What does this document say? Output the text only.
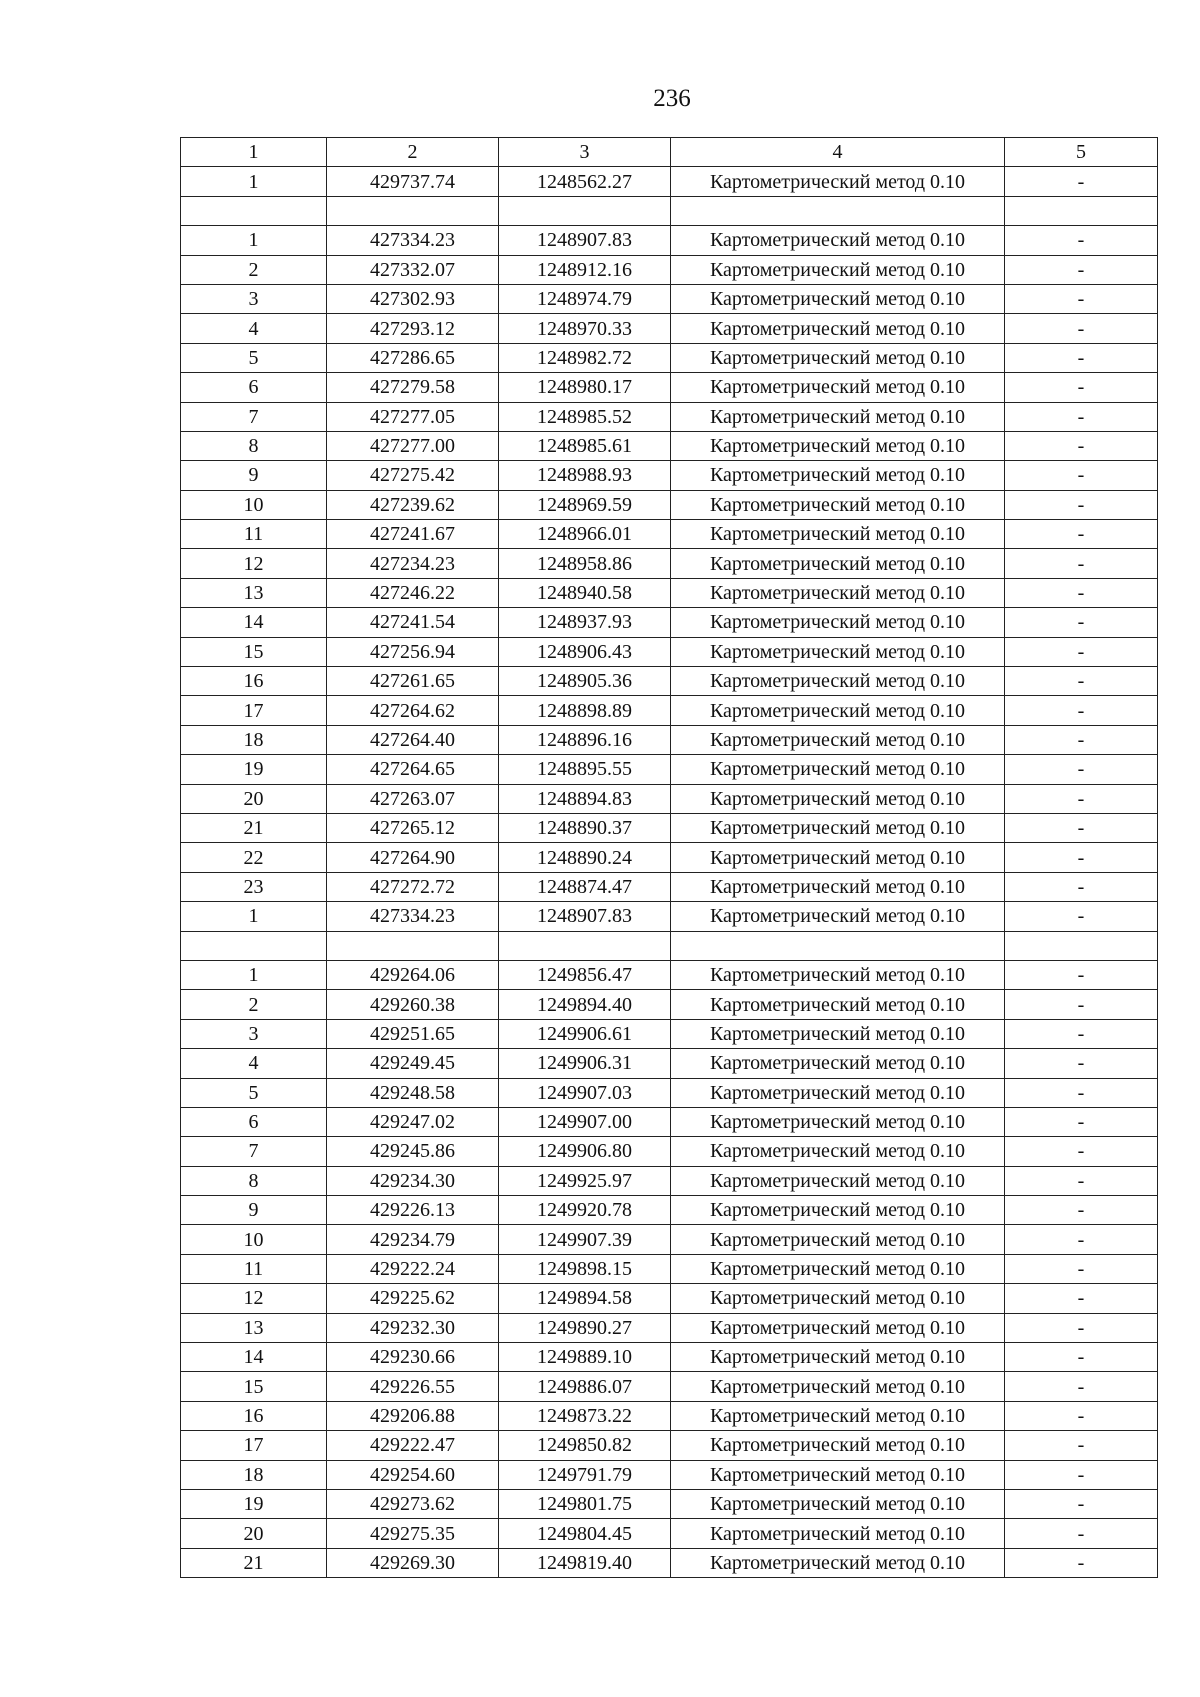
236
1	2	3	4	5
1	429737.74	1248562.27	Картометрический метод 0.10	-

1	427334.23	1248907.83	Картометрический метод 0.10	-
2	427332.07	1248912.16	Картометрический метод 0.10	-
3	427302.93	1248974.79	Картометрический метод 0.10	-
4	427293.12	1248970.33	Картометрический метод 0.10	-
5	427286.65	1248982.72	Картометрический метод 0.10	-
6	427279.58	1248980.17	Картометрический метод 0.10	-
7	427277.05	1248985.52	Картометрический метод 0.10	-
8	427277.00	1248985.61	Картометрический метод 0.10	-
9	427275.42	1248988.93	Картометрический метод 0.10	-
10	427239.62	1248969.59	Картометрический метод 0.10	-
11	427241.67	1248966.01	Картометрический метод 0.10	-
12	427234.23	1248958.86	Картометрический метод 0.10	-
13	427246.22	1248940.58	Картометрический метод 0.10	-
14	427241.54	1248937.93	Картометрический метод 0.10	-
15	427256.94	1248906.43	Картометрический метод 0.10	-
16	427261.65	1248905.36	Картометрический метод 0.10	-
17	427264.62	1248898.89	Картометрический метод 0.10	-
18	427264.40	1248896.16	Картометрический метод 0.10	-
19	427264.65	1248895.55	Картометрический метод 0.10	-
20	427263.07	1248894.83	Картометрический метод 0.10	-
21	427265.12	1248890.37	Картометрический метод 0.10	-
22	427264.90	1248890.24	Картометрический метод 0.10	-
23	427272.72	1248874.47	Картометрический метод 0.10	-
1	427334.23	1248907.83	Картометрический метод 0.10	-

1	429264.06	1249856.47	Картометрический метод 0.10	-
2	429260.38	1249894.40	Картометрический метод 0.10	-
3	429251.65	1249906.61	Картометрический метод 0.10	-
4	429249.45	1249906.31	Картометрический метод 0.10	-
5	429248.58	1249907.03	Картометрический метод 0.10	-
6	429247.02	1249907.00	Картометрический метод 0.10	-
7	429245.86	1249906.80	Картометрический метод 0.10	-
8	429234.30	1249925.97	Картометрический метод 0.10	-
9	429226.13	1249920.78	Картометрический метод 0.10	-
10	429234.79	1249907.39	Картометрический метод 0.10	-
11	429222.24	1249898.15	Картометрический метод 0.10	-
12	429225.62	1249894.58	Картометрический метод 0.10	-
13	429232.30	1249890.27	Картометрический метод 0.10	-
14	429230.66	1249889.10	Картометрический метод 0.10	-
15	429226.55	1249886.07	Картометрический метод 0.10	-
16	429206.88	1249873.22	Картометрический метод 0.10	-
17	429222.47	1249850.82	Картометрический метод 0.10	-
18	429254.60	1249791.79	Картометрический метод 0.10	-
19	429273.62	1249801.75	Картометрический метод 0.10	-
20	429275.35	1249804.45	Картометрический метод 0.10	-
21	429269.30	1249819.40	Картометрический метод 0.10	-
